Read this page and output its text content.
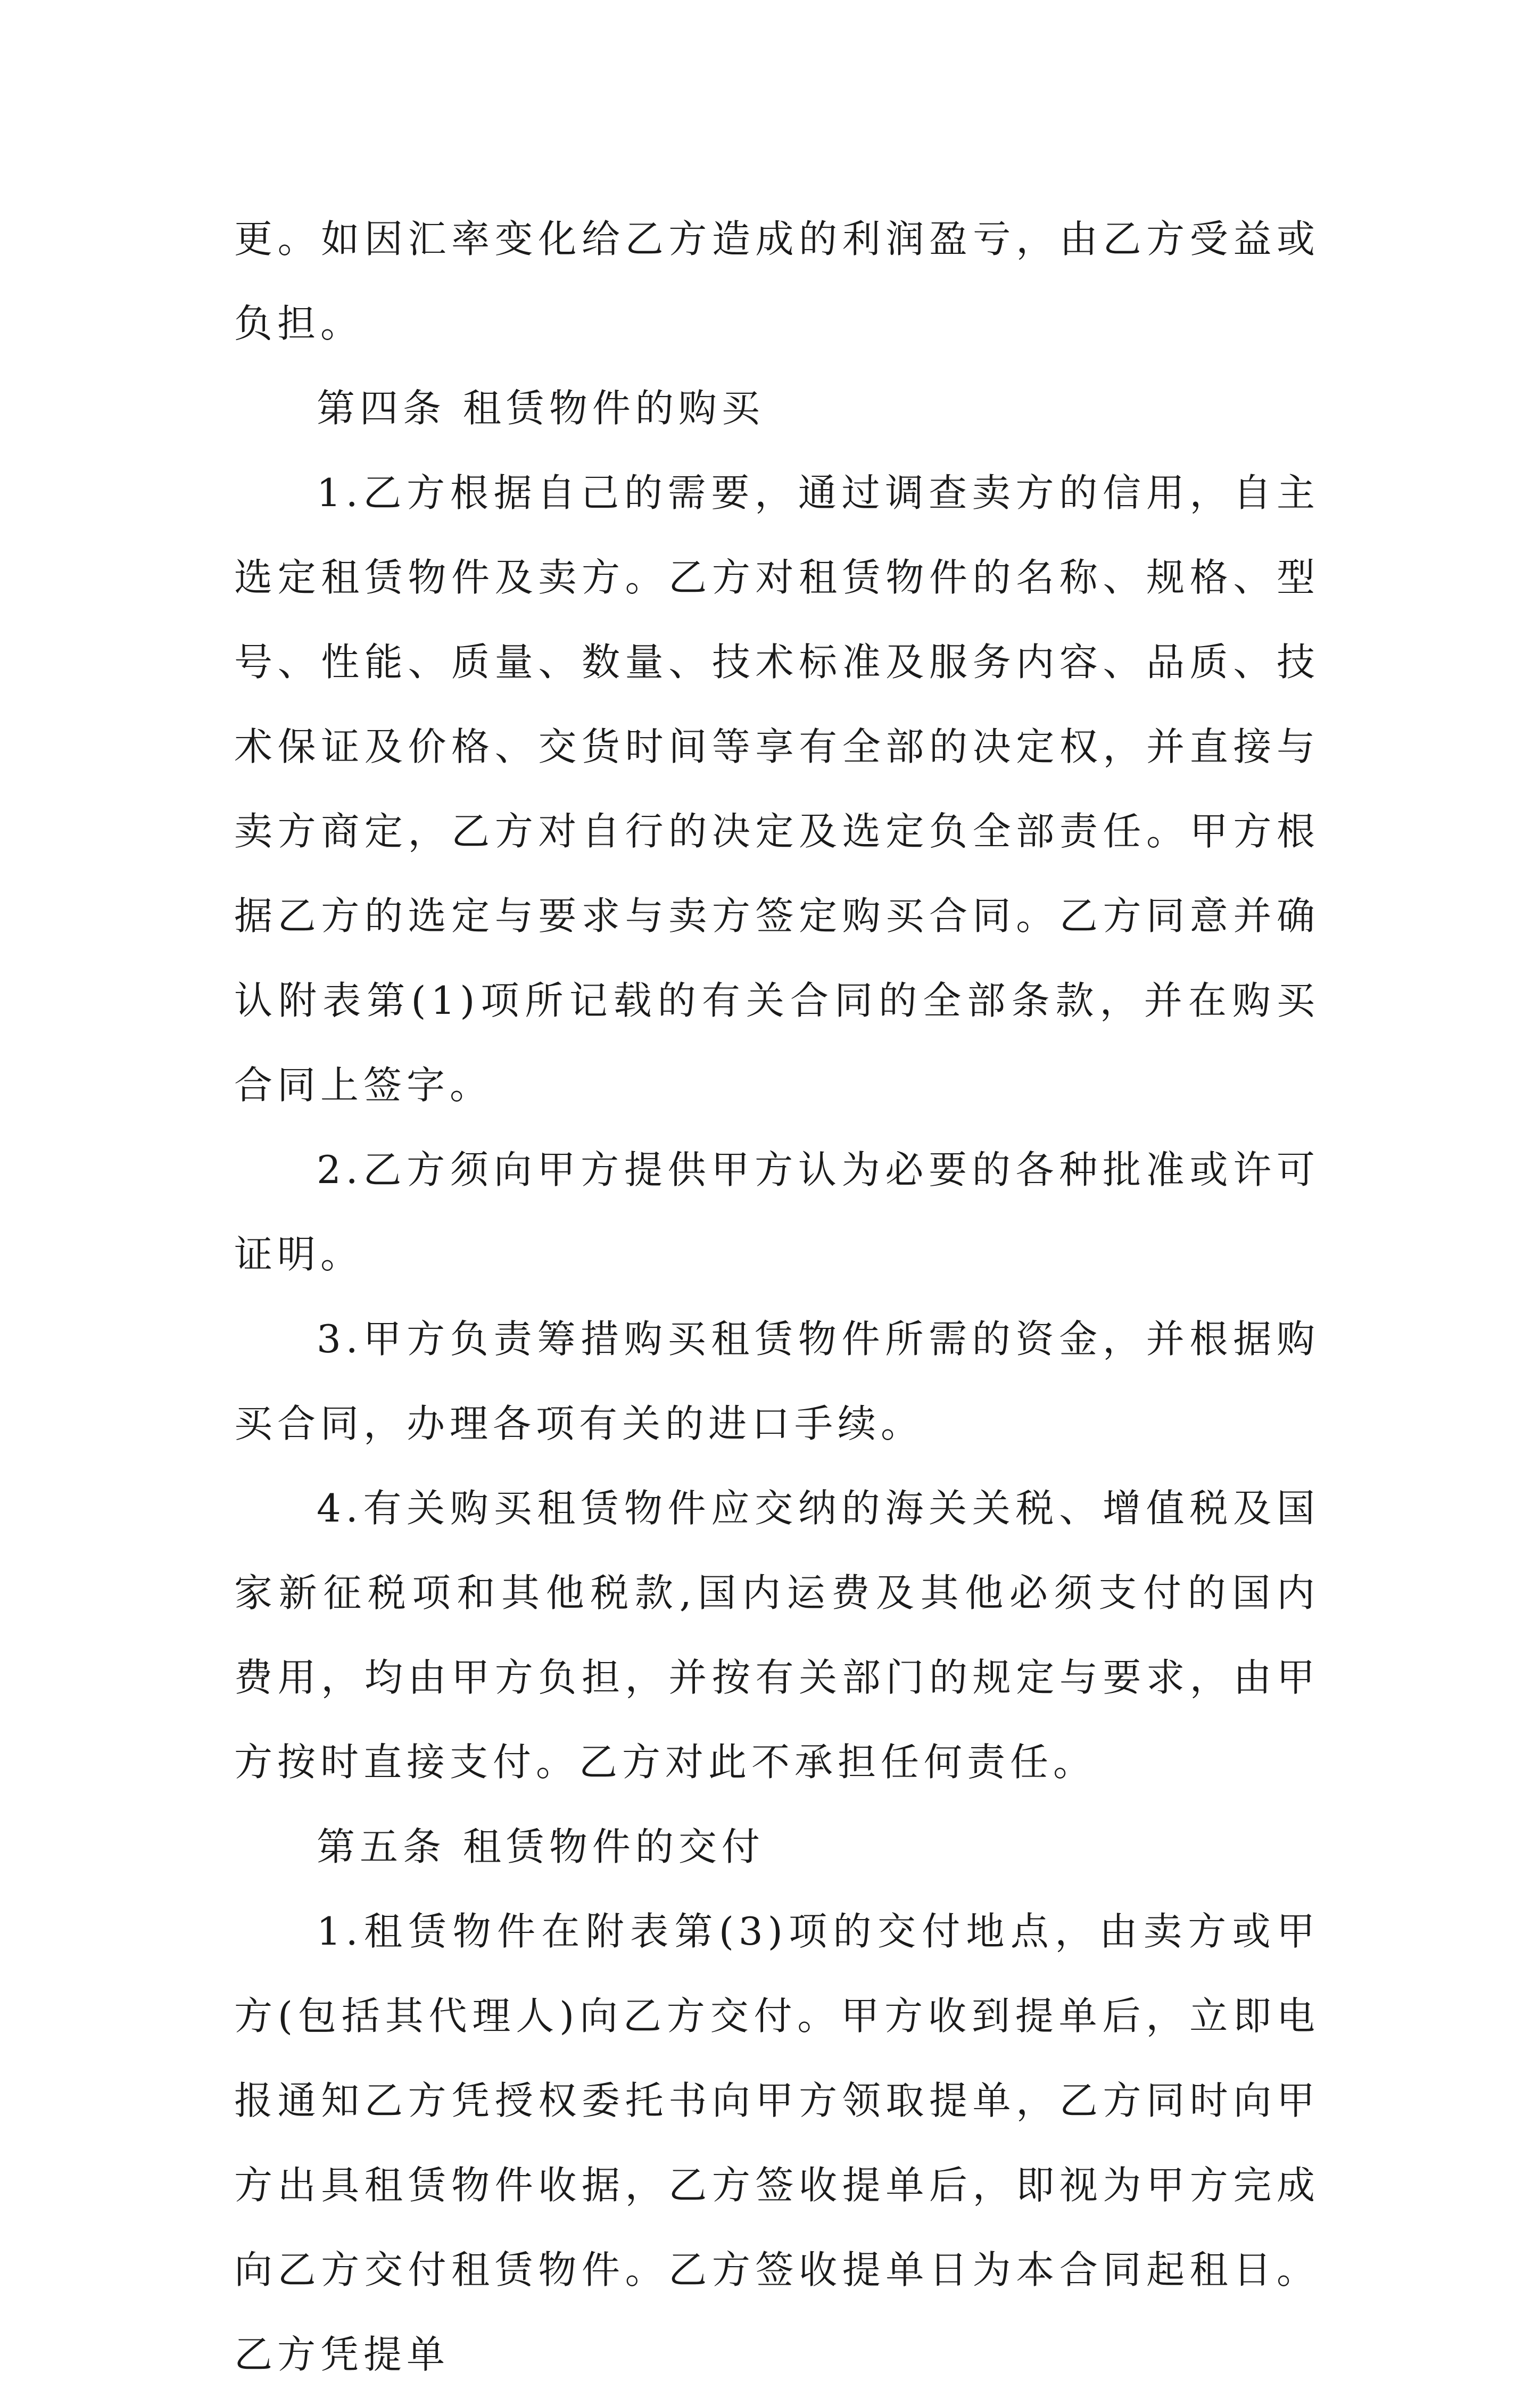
更。如因汇率变化给乙方造成的利润盈亏，由乙方受益或负担。

第四条 租赁物件的购买

1.乙方根据自己的需要，通过调查卖方的信用，自主选定租赁物件及卖方。乙方对租赁物件的名称、规格、型号、性能、质量、数量、技术标准及服务内容、品质、技术保证及价格、交货时间等享有全部的决定权，并直接与卖方商定，乙方对自行的决定及选定负全部责任。甲方根据乙方的选定与要求与卖方签定购买合同。乙方同意并确认附表第(1)项所记载的有关合同的全部条款，并在购买合同上签字。

2.乙方须向甲方提供甲方认为必要的各种批准或许可证明。

3.甲方负责筹措购买租赁物件所需的资金，并根据购买合同，办理各项有关的进口手续。

4.有关购买租赁物件应交纳的海关关税、增值税及国家新征税项和其他税款,国内运费及其他必须支付的国内费用，均由甲方负担，并按有关部门的规定与要求，由甲方按时直接支付。乙方对此不承担任何责任。

第五条 租赁物件的交付

1.租赁物件在附表第(3)项的交付地点，由卖方或甲方(包括其代理人)向乙方交付。甲方收到提单后，立即电报通知乙方凭授权委托书向甲方领取提单，乙方同时向甲方出具租赁物件收据，乙方签收提单后，即视为甲方完成向乙方交付租赁物件。乙方签收提单日为本合同起租日。乙方凭提单
